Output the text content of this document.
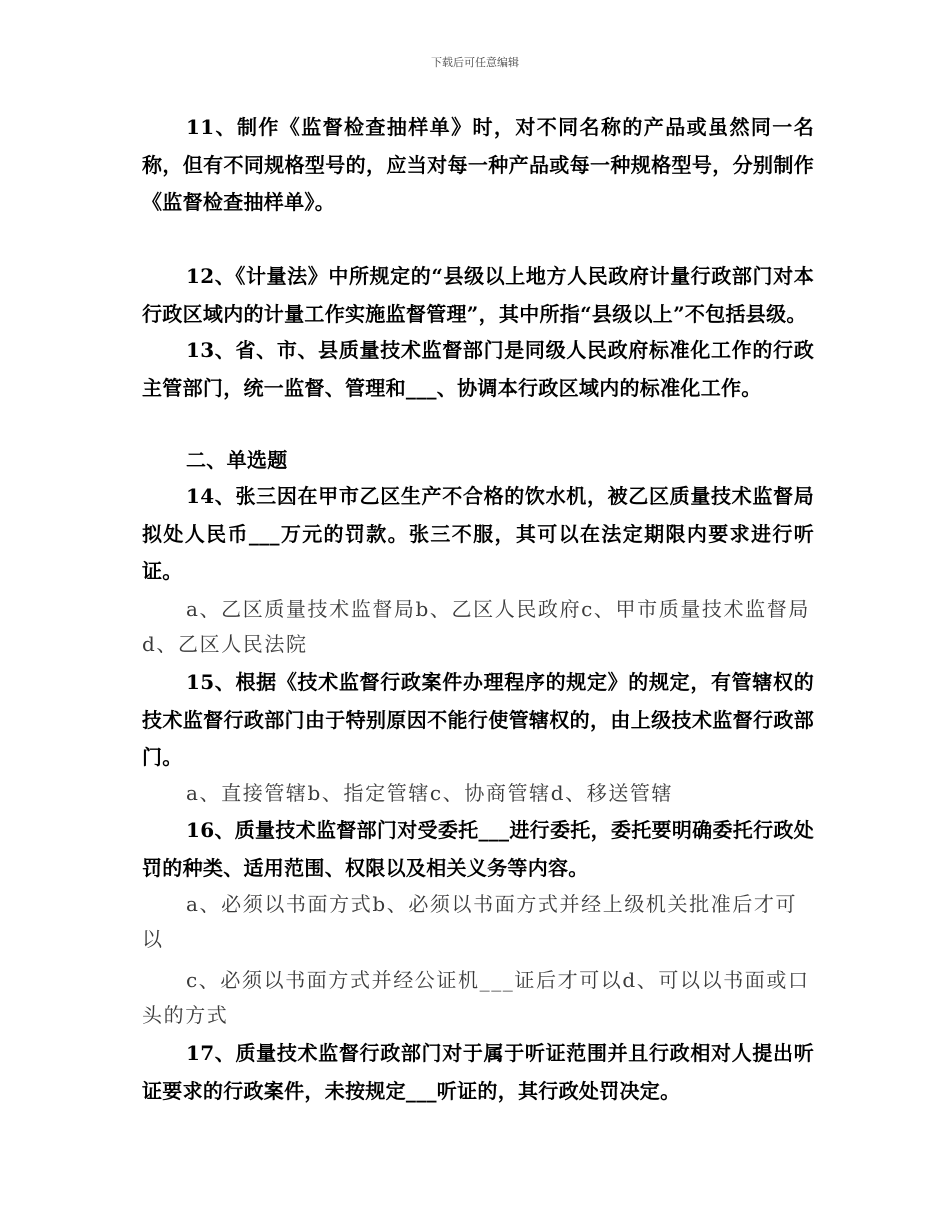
下载后可任意编辑

11、制作《监督检查抽样单》时，对不同名称的产品或虽然同一名称，但有不同规格型号的，应当对每一种产品或每一种规格型号，分别制作《监督检查抽样单》。

12、《计量法》中所规定的“县级以上地方人民政府计量行政部门对本行政区域内的计量工作实施监督管理”，其中所指“县级以上”不包括县级。

13、省、市、县质量技术监督部门是同级人民政府标准化工作的行政主管部门，统一监督、管理和___、协调本行政区域内的标准化工作。

二、单选题

14、张三因在甲市乙区生产不合格的饮水机，被乙区质量技术监督局拟处人民币___万元的罚款。张三不服，其可以在法定期限内要求进行听证。

a、乙区质量技术监督局b、乙区人民政府c、甲市质量技术监督局d、乙区人民法院

15、根据《技术监督行政案件办理程序的规定》的规定，有管辖权的技术监督行政部门由于特别原因不能行使管辖权的，由上级技术监督行政部门。

a、直接管辖b、指定管辖c、协商管辖d、移送管辖

16、质量技术监督部门对受委托___进行委托，委托要明确委托行政处罚的种类、适用范围、权限以及相关义务等内容。

a、必须以书面方式b、必须以书面方式并经上级机关批准后才可以

c、必须以书面方式并经公证机___证后才可以d、可以以书面或口头的方式

17、质量技术监督行政部门对于属于听证范围并且行政相对人提出听证要求的行政案件，未按规定___听证的，其行政处罚决定。
